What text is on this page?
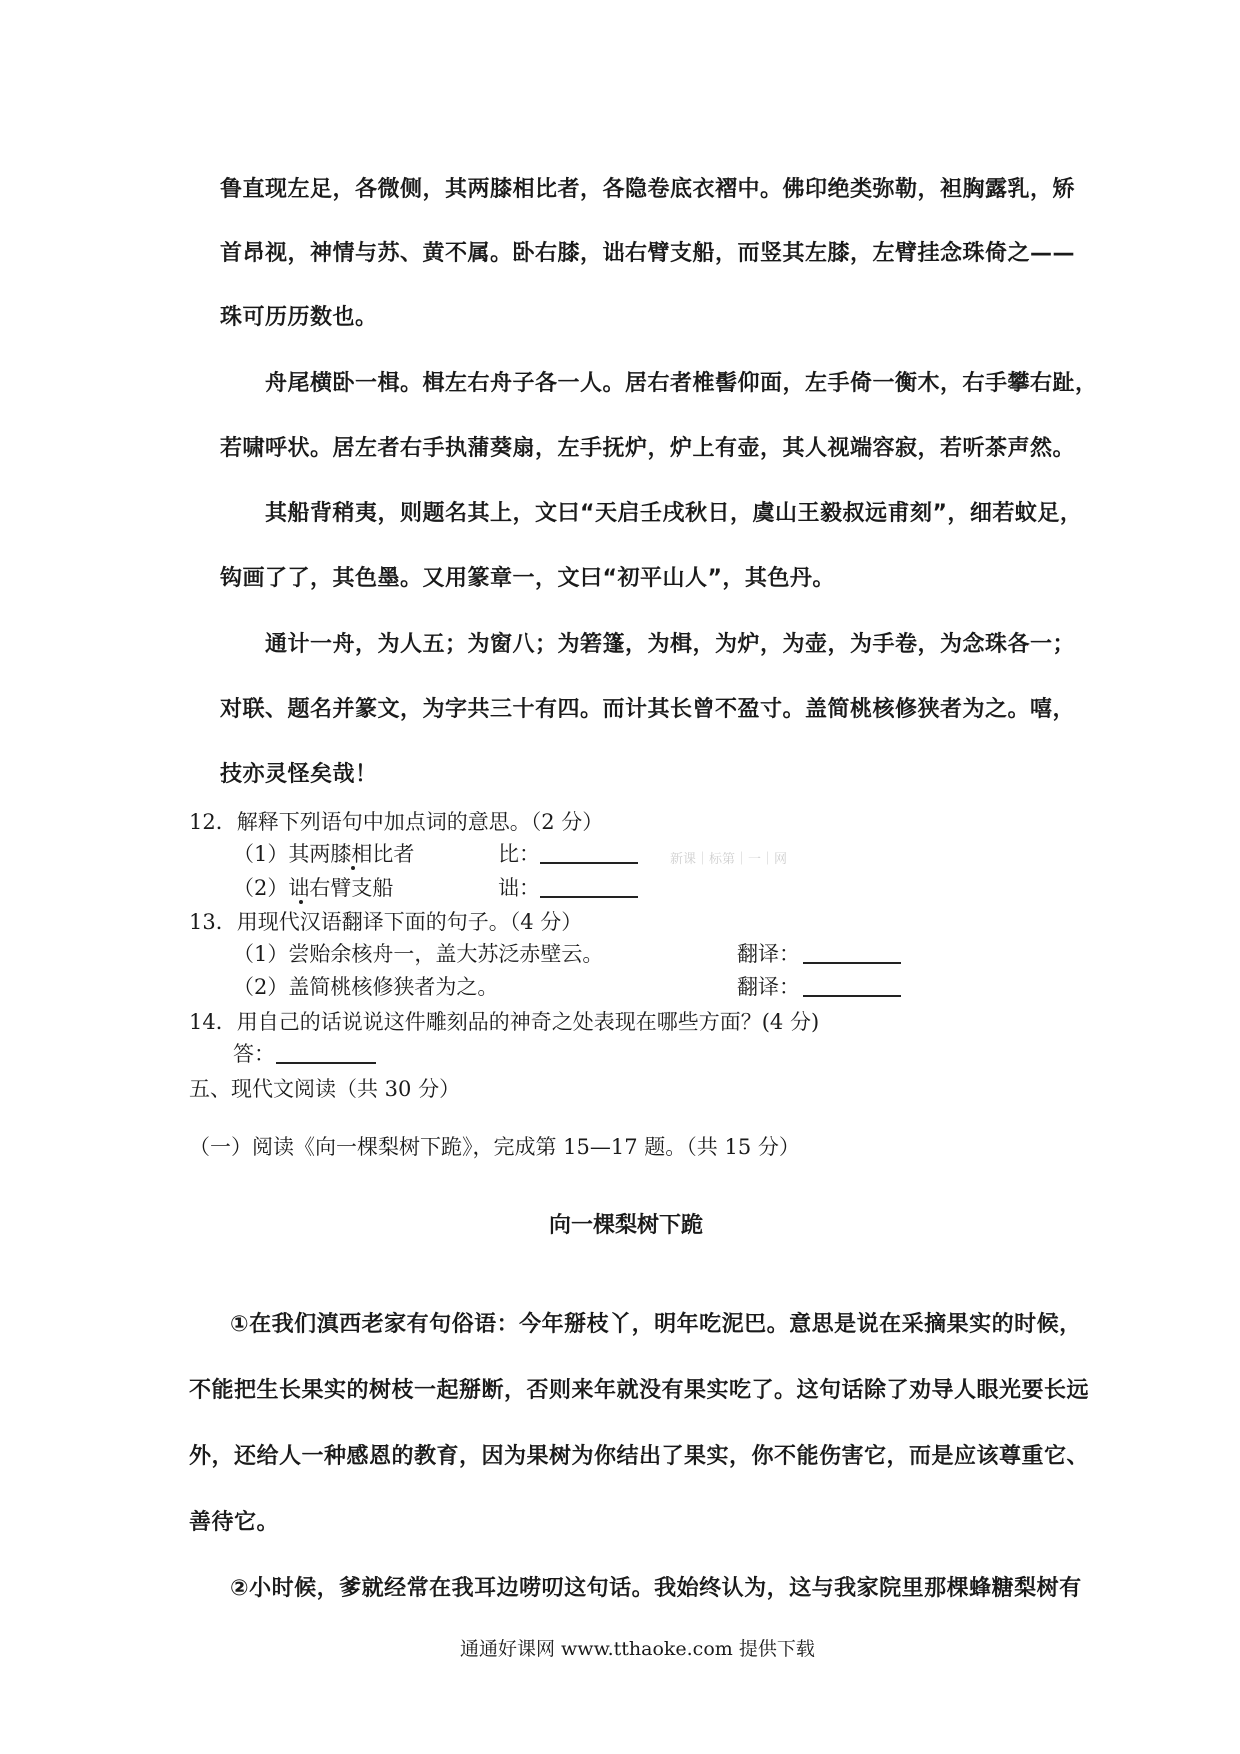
鲁直现左足，各微侧，其两膝相比者，各隐卷底衣褶中。佛印绝类弥勒，袒胸露乳，矫
首昂视，神情与苏、黄不属。卧右膝，诎右臂支船，而竖其左膝，左臂挂念珠倚之——
珠可历历数也。
舟尾横卧一楫。楫左右舟子各一人。居右者椎髻仰面，左手倚一衡木，右手攀右趾，
若啸呼状。居左者右手执蒲葵扇，左手抚炉，炉上有壶，其人视端容寂，若听茶声然。
其船背稍夷，则题名其上，文曰“天启壬戌秋日，虞山王毅叔远甫刻”，细若蚊足，
钩画了了，其色墨。又用篆章一，文曰“初平山人”，其色丹。
通计一舟，为人五；为窗八；为箬篷，为楫，为炉，为壶，为手卷，为念珠各一；
对联、题名并篆文，为字共三十有四。而计其长曾不盈寸。盖简桃核修狭者为之。嘻，
技亦灵怪矣哉！
12．解释下列语句中加点词的意思。（2 分）
（1）其两膝相比者	比：	新课｜标第｜一｜网
（2）诎右臂支船	诎：
13．用现代汉语翻译下面的句子。（4 分）
（1）尝贻余核舟一，盖大苏泛赤壁云。	翻译：
（2）盖简桃核修狭者为之。	翻译：
14．用自己的话说说这件雕刻品的神奇之处表现在哪些方面？(4 分)
答：
五、现代文阅读（共 30 分）
（一）阅读《向一棵梨树下跪》，完成第 15—17 题。（共 15 分）
向一棵梨树下跪
①在我们滇西老家有句俗语：今年掰枝丫，明年吃泥巴。意思是说在采摘果实的时候，
不能把生长果实的树枝一起掰断，否则来年就没有果实吃了。这句话除了劝导人眼光要长远
外，还给人一种感恩的教育，因为果树为你结出了果实，你不能伤害它，而是应该尊重它、
善待它。
②小时候，爹就经常在我耳边唠叨这句话。我始终认为，这与我家院里那棵蜂糖梨树有
通通好课网 www.tthaoke.com 提供下载
